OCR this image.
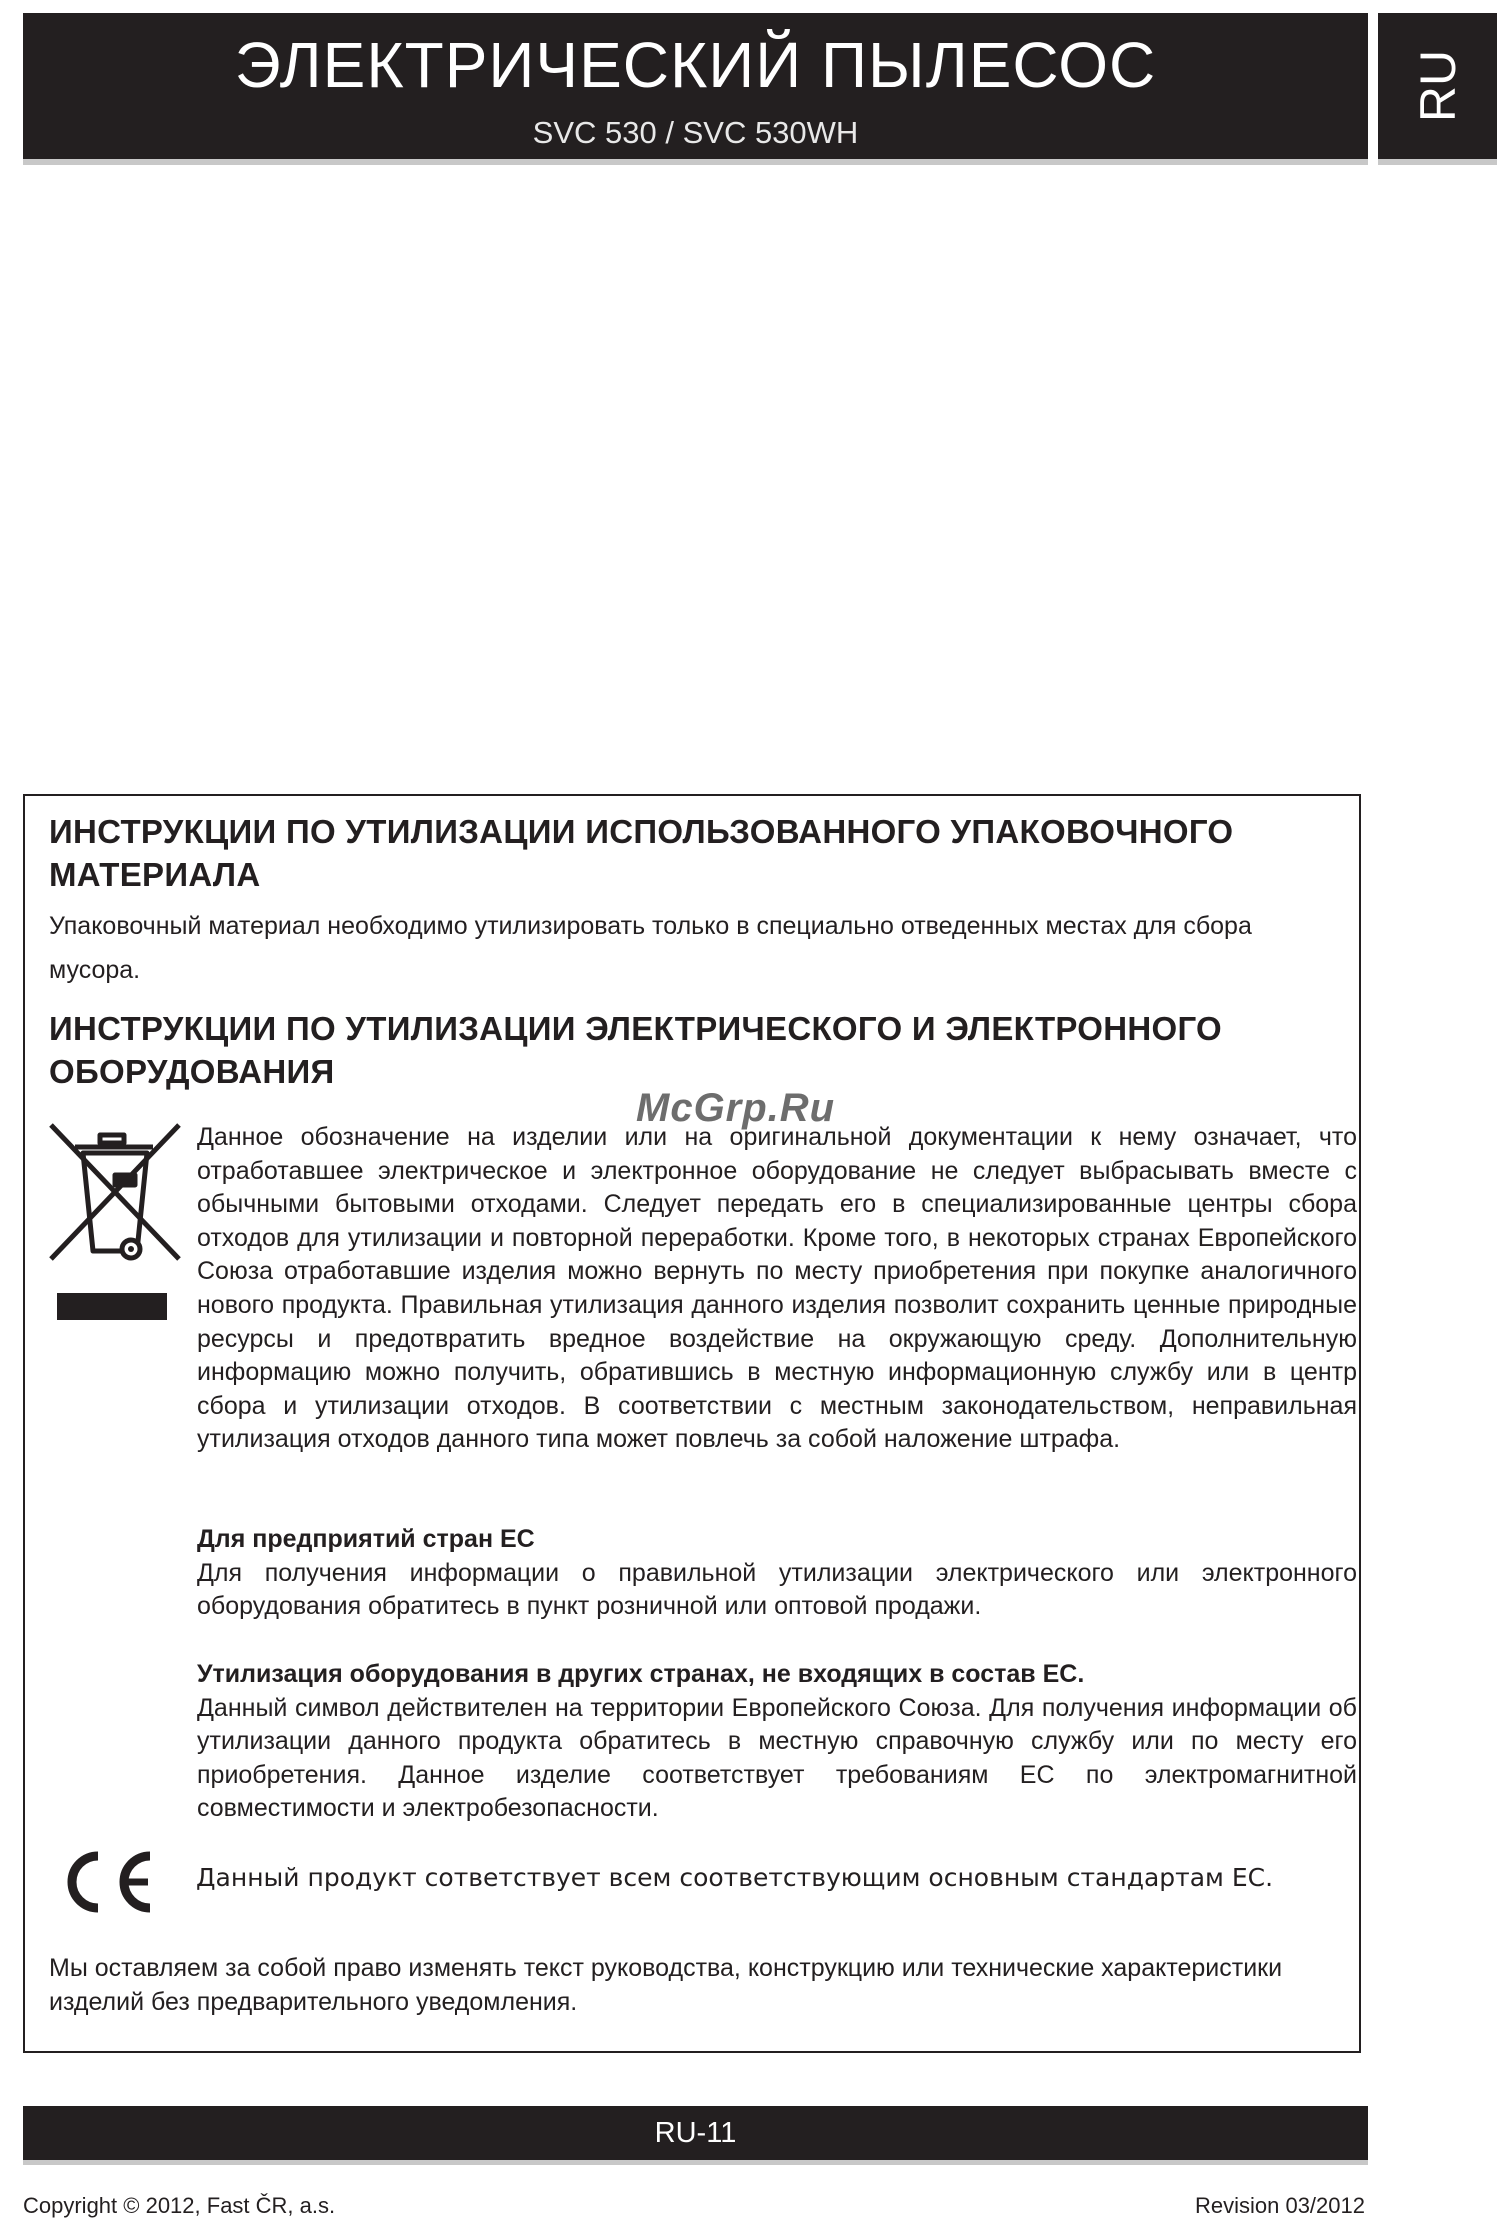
ЭЛЕКТРИЧЕСКИЙ ПЫЛЕСОС
SVC 530 / SVC 530WH
RU
ИНСТРУКЦИИ ПО УТИЛИЗАЦИИ ИСПОЛЬЗОВАННОГО УПАКОВОЧНОГО
МАТЕРИАЛА
Упаковочный материал необходимо утилизировать только в специально отведенных местах для сбора мусора.
ИНСТРУКЦИИ ПО УТИЛИЗАЦИИ ЭЛЕКТРИЧЕСКОГО И ЭЛЕКТРОННОГО
ОБОРУДОВАНИЯ
Данное обозначение на изделии или на оригинальной документации к нему означает, что отработавшее электрическое и электронное оборудование не следует выбрасывать вместе с обычными бытовыми отходами. Следует передать его в специализированные центры сбора отходов для утилизации и повторной переработки. Кроме того, в некоторых странах Европейского Союза отработавшие изделия можно вернуть по месту приобретения при покупке аналогичного нового продукта. Правильная утилизация данного изделия позволит сохранить ценные природные ресурсы и предотвратить вредное воздействие на окружающую среду. Дополнительную информацию можно получить, обратившись в местную информационную службу или в центр сбора и утилизации отходов. В соответствии с местным законодательством, неправильная утилизация отходов данного типа может повлечь за собой наложение штрафа.
Для предприятий стран ЕС
Для получения информации о правильной утилизации электрического или электронного оборудования обратитесь в пункт розничной или оптовой продажи.
Утилизация оборудования в других странах, не входящих в состав ЕС.
Данный символ действителен на территории Европейского Союза. Для получения информации об утилизации данного продукта обратитесь в местную справочную службу или по месту его приобретения. Данное изделие соответствует требованиям ЕС по электромагнитной совместимости и электробезопасности.
Мы оставляем за собой право изменять текст руководства, конструкцию или технические характеристики изделий без предварительного уведомления.
Данный продукт сответствует всем соответствующим основным стандартам ЕС.
McGrp.Ru
RU-11
Copyright © 2012, Fast ČR, a.s.	Revision 03/2012
